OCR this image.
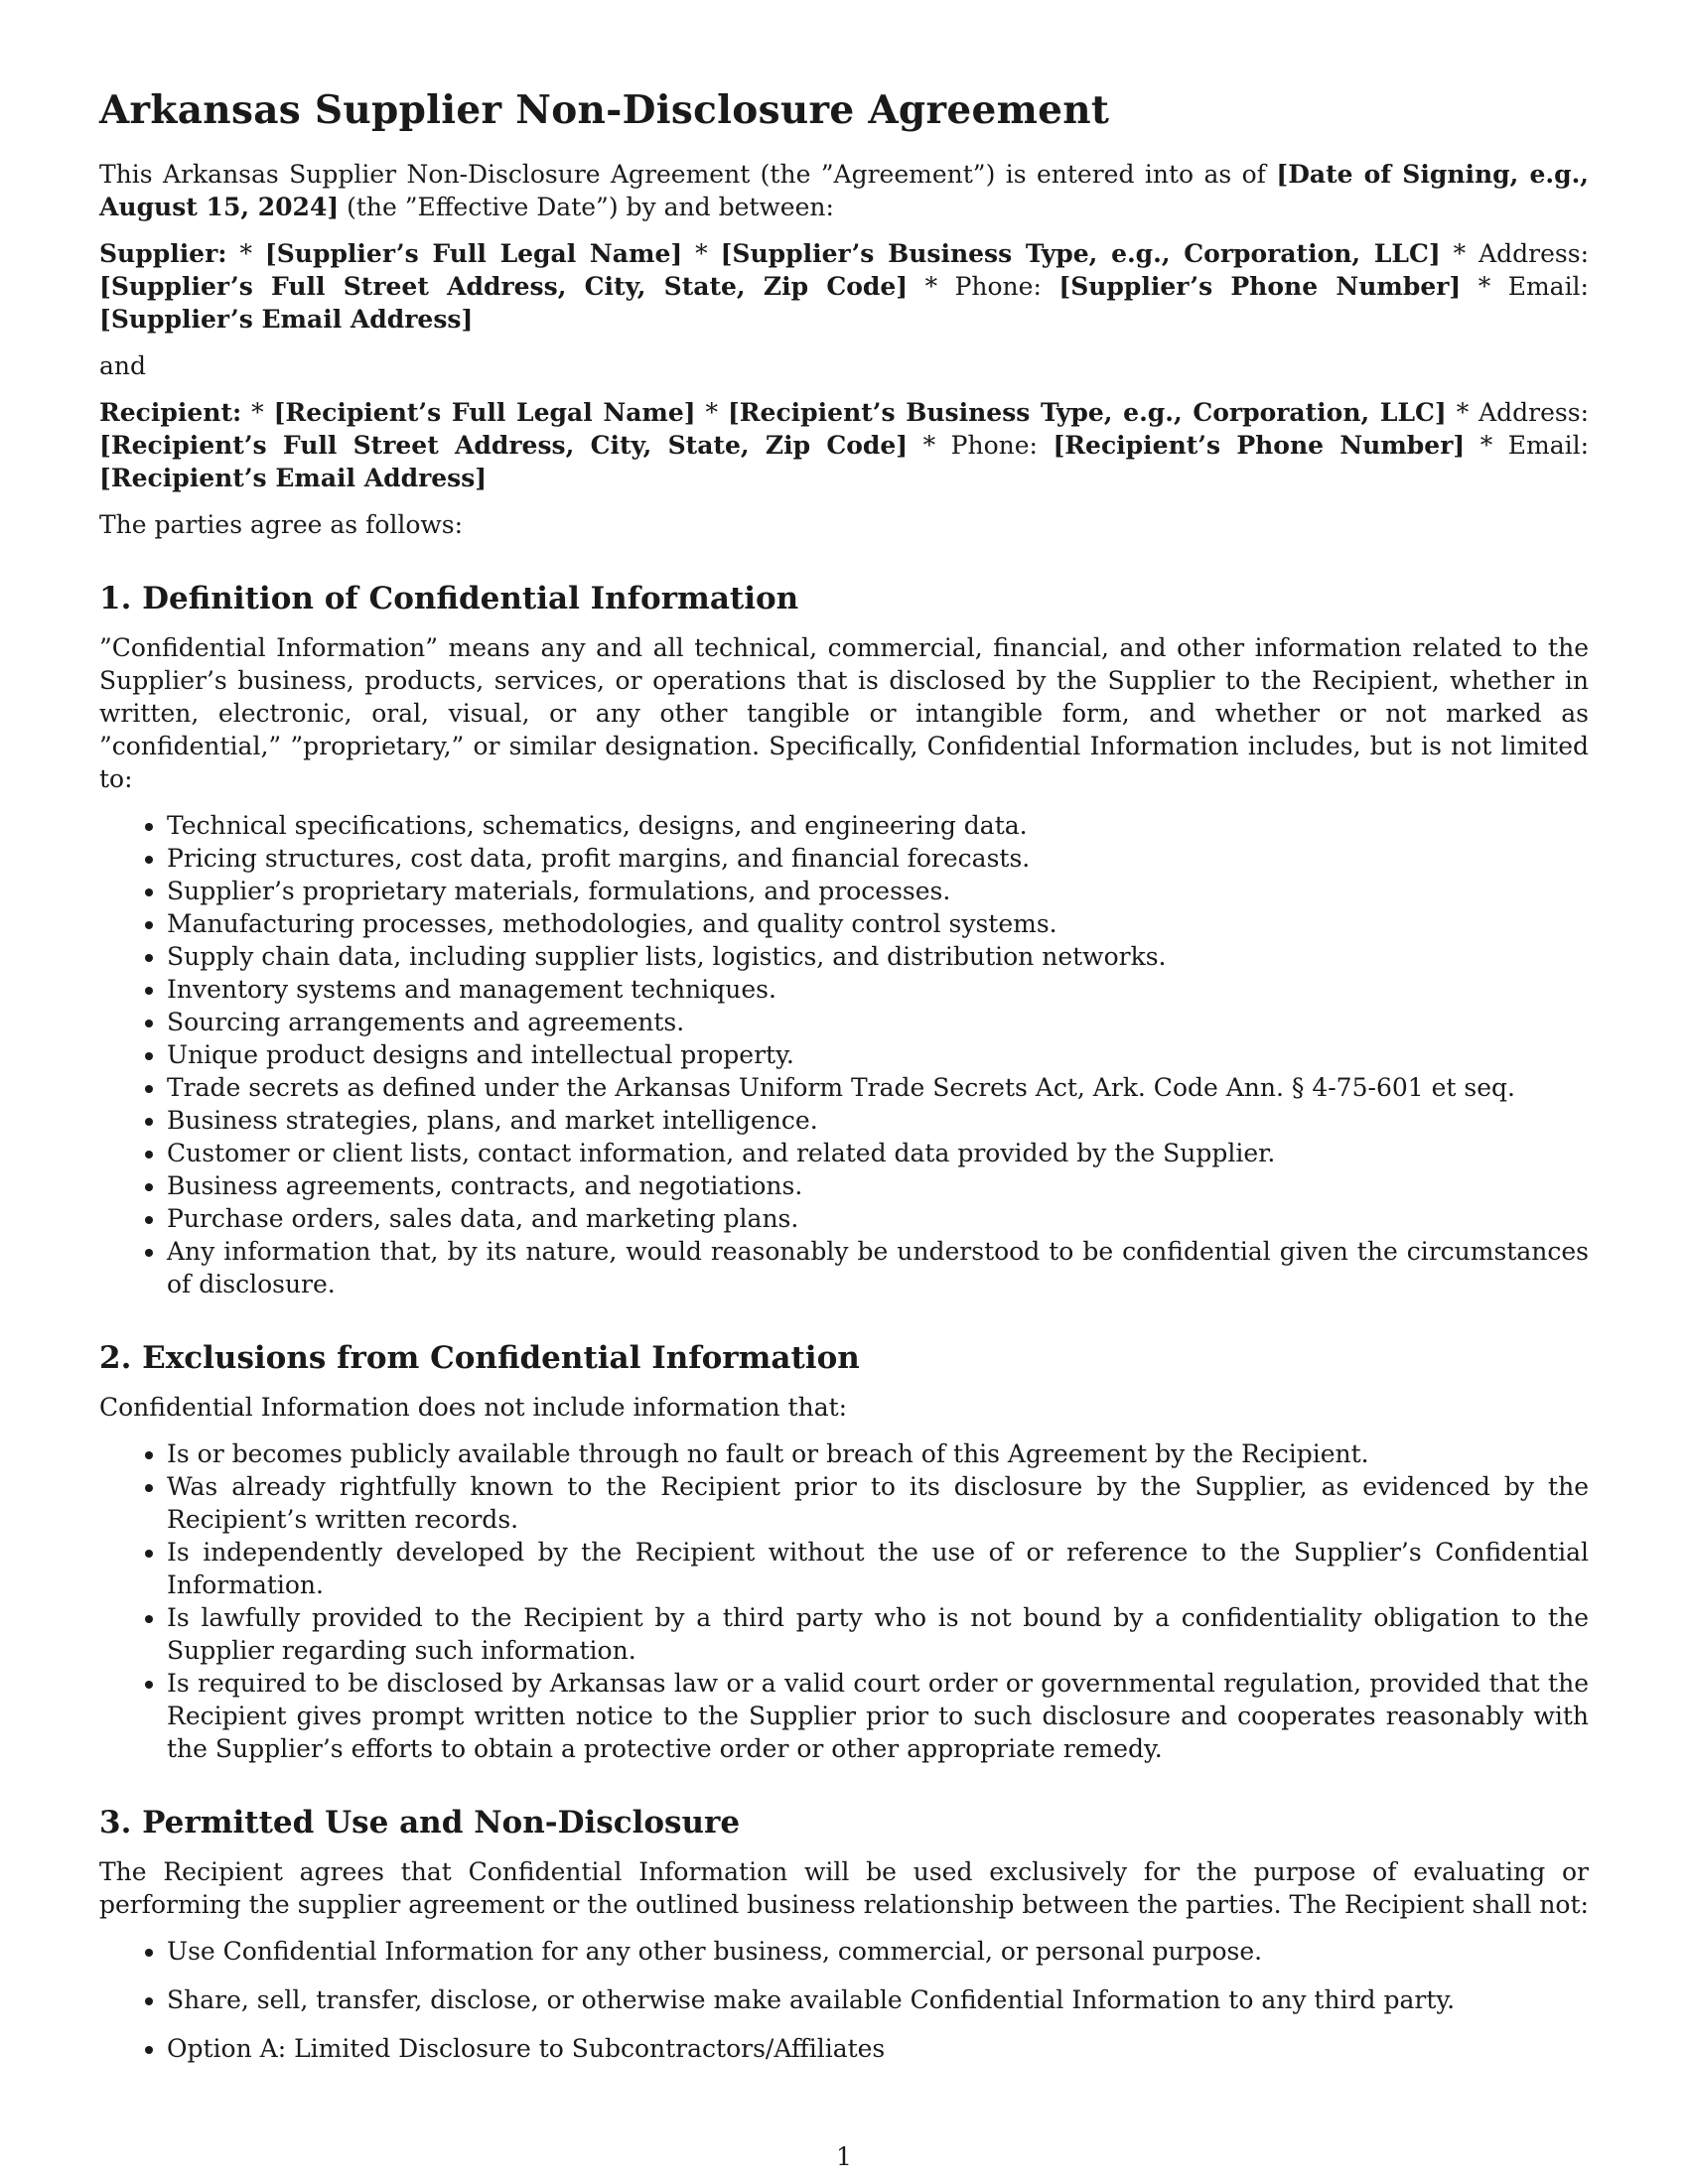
Arkansas Supplier Non-Disclosure Agreement

This Arkansas Supplier Non-Disclosure Agreement (the ”Agreement”) is entered into as of [Date of Signing, e.g., August 15, 2024] (the ”Effective Date”) by and between:

Supplier: * [Supplier’s Full Legal Name] * [Supplier’s Business Type, e.g., Corporation, LLC] * Address: [Supplier’s Full Street Address, City, State, Zip Code] * Phone: [Supplier’s Phone Number] * Email: [Supplier’s Email Address]

and

Recipient: * [Recipient’s Full Legal Name] * [Recipient’s Business Type, e.g., Corporation, LLC] * Address: [Recipient’s Full Street Address, City, State, Zip Code] * Phone: [Recipient’s Phone Number] * Email: [Recipient’s Email Address]

The parties agree as follows:

1. Definition of Confidential Information

”Confidential Information” means any and all technical, commercial, financial, and other information related to the Supplier’s business, products, services, or operations that is disclosed by the Supplier to the Recipient, whether in written, electronic, oral, visual, or any other tangible or intangible form, and whether or not marked as ”confidential,” ”proprietary,” or similar designation. Specifically, Confidential Information includes, but is not limited to:

• Technical specifications, schematics, designs, and engineering data.
• Pricing structures, cost data, profit margins, and financial forecasts.
• Supplier’s proprietary materials, formulations, and processes.
• Manufacturing processes, methodologies, and quality control systems.
• Supply chain data, including supplier lists, logistics, and distribution networks.
• Inventory systems and management techniques.
• Sourcing arrangements and agreements.
• Unique product designs and intellectual property.
• Trade secrets as defined under the Arkansas Uniform Trade Secrets Act, Ark. Code Ann. § 4-75-601 et seq.
• Business strategies, plans, and market intelligence.
• Customer or client lists, contact information, and related data provided by the Supplier.
• Business agreements, contracts, and negotiations.
• Purchase orders, sales data, and marketing plans.
• Any information that, by its nature, would reasonably be understood to be confidential given the circumstances of disclosure.
2. Exclusions from Confidential Information

Confidential Information does not include information that:

• Is or becomes publicly available through no fault or breach of this Agreement by the Recipient.
• Was already rightfully known to the Recipient prior to its disclosure by the Supplier, as evidenced by the Recipient’s written records.
• Is independently developed by the Recipient without the use of or reference to the Supplier’s Confidential Information.
• Is lawfully provided to the Recipient by a third party who is not bound by a confidentiality obligation to the Supplier regarding such information.
• Is required to be disclosed by Arkansas law or a valid court order or governmental regulation, provided that the Recipient gives prompt written notice to the Supplier prior to such disclosure and cooperates reasonably with the Supplier’s efforts to obtain a protective order or other appropriate remedy.
3. Permitted Use and Non-Disclosure

The Recipient agrees that Confidential Information will be used exclusively for the purpose of evaluating or performing the supplier agreement or the outlined business relationship between the parties. The Recipient shall not:

• Use Confidential Information for any other business, commercial, or personal purpose.
• Share, sell, transfer, disclose, or otherwise make available Confidential Information to any third party.
• Option A: Limited Disclosure to Subcontractors/Affiliates
1
